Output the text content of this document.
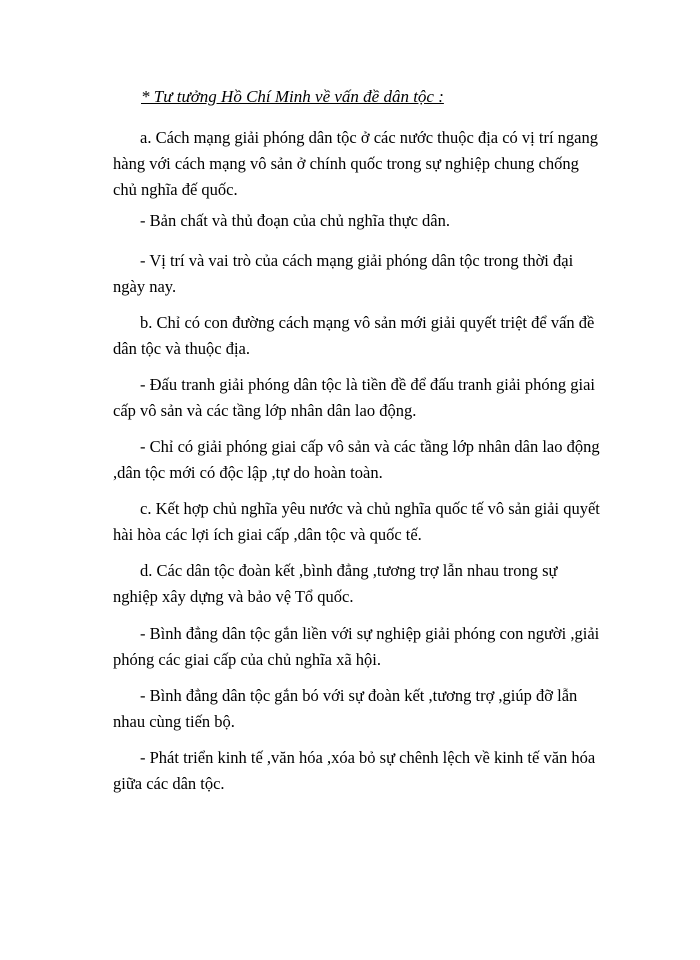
* Tư tưởng Hồ Chí Minh về vấn đề dân tộc :

a. Cách mạng giải phóng dân tộc ở các nước thuộc địa có vị trí ngang hàng với cách mạng vô sản ở chính quốc trong sự nghiệp chung chống chủ nghĩa đế quốc.

- Bản chất và thủ đoạn của chủ nghĩa thực dân.

- Vị trí và vai trò của cách mạng giải phóng dân tộc trong thời đại ngày nay.

b. Chỉ có con đường cách mạng vô sản mới giải quyết triệt để vấn đề dân tộc và thuộc địa.

- Đấu tranh giải phóng dân tộc là tiền đề để đấu tranh giải phóng giai cấp vô sản và các tầng lớp nhân dân lao động.

- Chỉ có giải phóng giai cấp vô sản và các tầng lớp nhân dân lao động ,dân tộc mới có độc lập ,tự do hoàn toàn.

c. Kết hợp chủ nghĩa yêu nước và chủ nghĩa quốc tế vô sản giải quyết hài hòa các lợi ích giai cấp ,dân tộc và quốc tế.

d. Các dân tộc đoàn kết ,bình đẳng ,tương trợ lẫn nhau trong sự nghiệp xây dựng và bảo vệ Tổ quốc.

- Bình đẳng dân tộc gắn liền với sự nghiệp giải phóng con người ,giải phóng các giai cấp của chủ nghĩa xã hội.

- Bình đẳng dân tộc gắn bó với sự đoàn kết ,tương trợ ,giúp đỡ lẫn nhau cùng tiến bộ.

- Phát triển kinh tế ,văn hóa ,xóa bỏ sự chênh lệch về kinh tế văn hóa giữa các dân tộc.
